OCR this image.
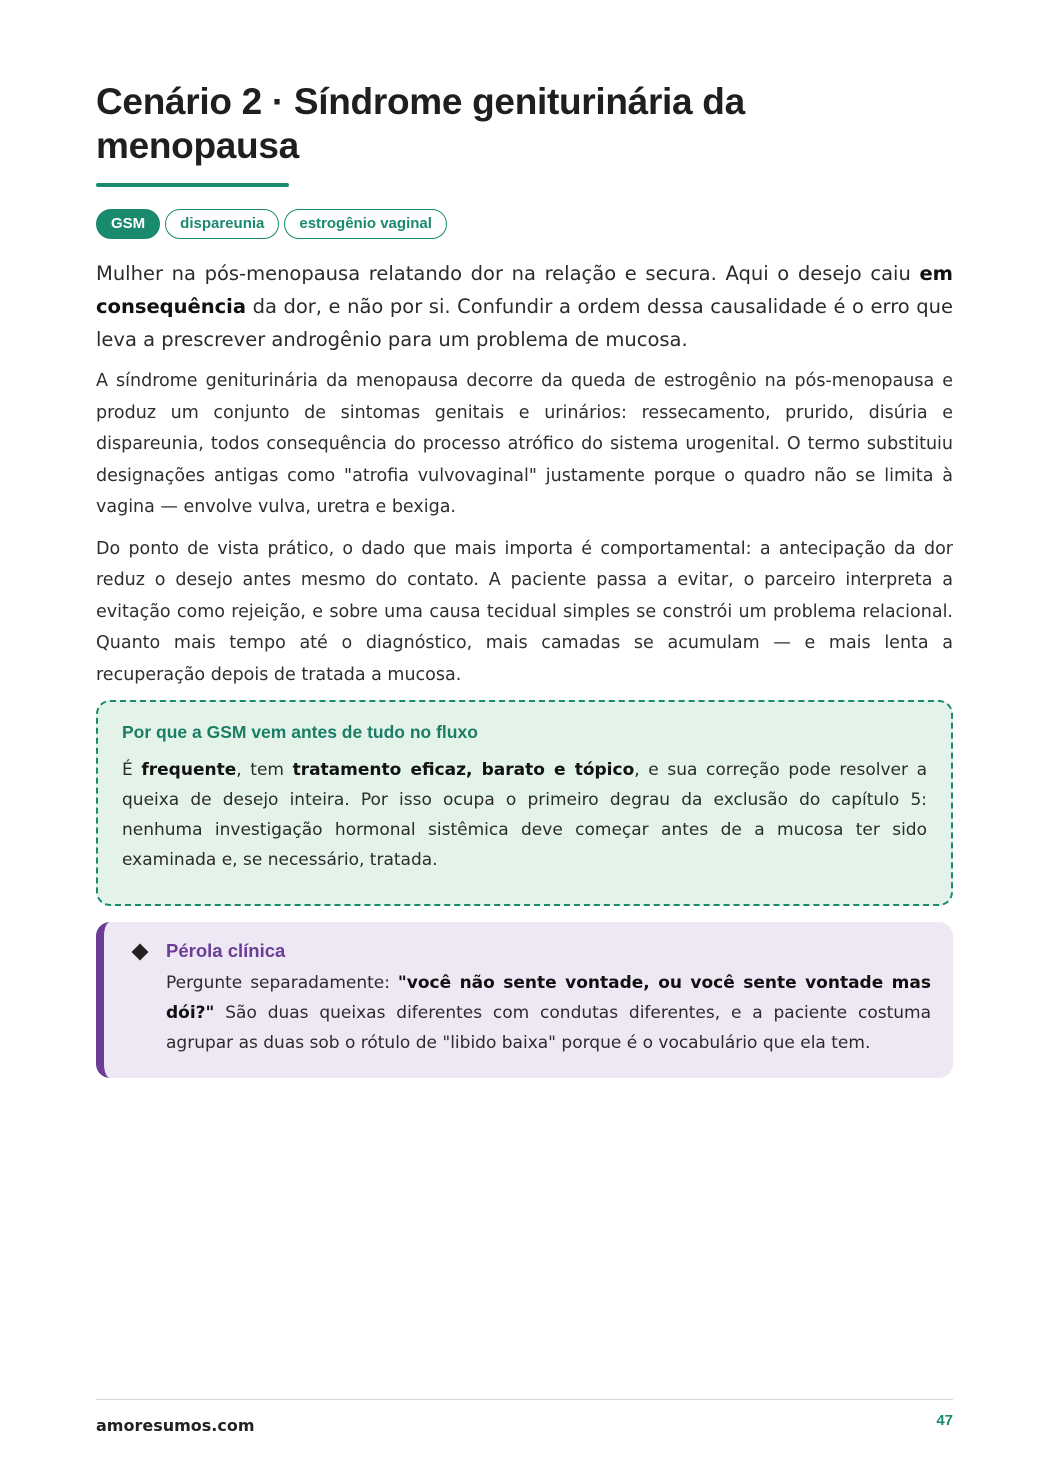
Cenário 2 · Síndrome geniturinária da menopausa
GSM	dispareunia	estrogênio vaginal

Mulher na pós-menopausa relatando dor na relação e secura. Aqui o desejo caiu em consequência da dor, e não por si. Confundir a ordem dessa causalidade é o erro que leva a prescrever androgênio para um problema de mucosa.

A síndrome geniturinária da menopausa decorre da queda de estrogênio na pós-menopausa e produz um conjunto de sintomas genitais e urinários: ressecamento, prurido, disúria e dispareunia, todos consequência do processo atrófico do sistema urogenital. O termo substituiu designações antigas como "atrofia vulvovaginal" justamente porque o quadro não se limita à vagina — envolve vulva, uretra e bexiga.

Do ponto de vista prático, o dado que mais importa é comportamental: a antecipação da dor reduz o desejo antes mesmo do contato. A paciente passa a evitar, o parceiro interpreta a evitação como rejeição, e sobre uma causa tecidual simples se constrói um problema relacional. Quanto mais tempo até o diagnóstico, mais camadas se acumulam — e mais lenta a recuperação depois de tratada a mucosa.

Por que a GSM vem antes de tudo no fluxo

É frequente, tem tratamento eficaz, barato e tópico, e sua correção pode resolver a queixa de desejo inteira. Por isso ocupa o primeiro degrau da exclusão do capítulo 5: nenhuma investigação hormonal sistêmica deve começar antes de a mucosa ter sido examinada e, se necessário, tratada.

Pérola clínica

Pergunte separadamente: "você não sente vontade, ou você sente vontade mas dói?" São duas queixas diferentes com condutas diferentes, e a paciente costuma agrupar as duas sob o rótulo de "libido baixa" porque é o vocabulário que ela tem.

amoresumos.com	47
